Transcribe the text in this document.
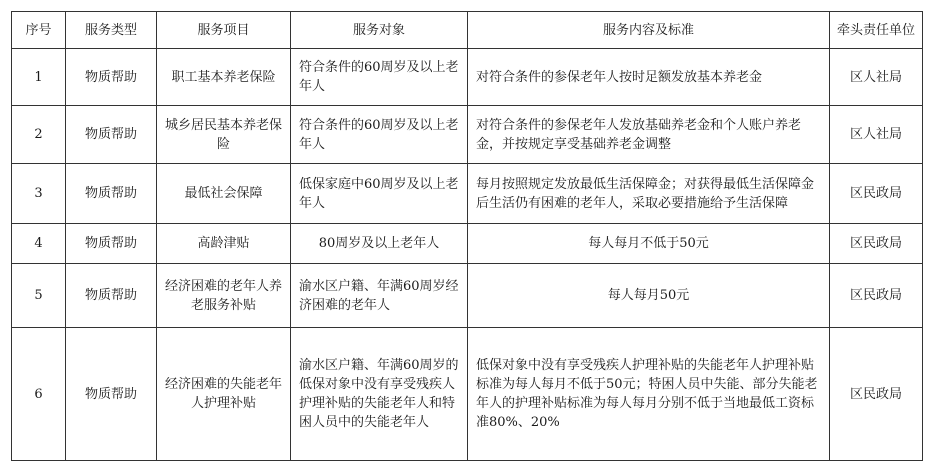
序号	服务类型	服务项目	服务对象	服务内容及标准	牵头责任单位
1	物质帮助	职工基本养老保险	符合条件的60周岁及以上老年人	对符合条件的参保老年人按时足额发放基本养老金	区人社局
2	物质帮助	城乡居民基本养老保险	符合条件的60周岁及以上老年人	对符合条件的参保老年人发放基础养老金和个人账户养老金，并按规定享受基础养老金调整	区人社局
3	物质帮助	最低社会保障	低保家庭中60周岁及以上老年人	每月按照规定发放最低生活保障金；对获得最低生活保障金后生活仍有困难的老年人，采取必要措施给予生活保障	区民政局
4	物质帮助	高龄津贴	80周岁及以上老年人	每人每月不低于50元	区民政局
5	物质帮助	经济困难的老年人养老服务补贴	渝水区户籍、年满60周岁经济困难的老年人	每人每月50元	区民政局
6	物质帮助	经济困难的失能老年人护理补贴	渝水区户籍、年满60周岁的低保对象中没有享受残疾人护理补贴的失能老年人和特困人员中的失能老年人	低保对象中没有享受残疾人护理补贴的失能老年人护理补贴标准为每人每月不低于50元；特困人员中失能、部分失能老年人的护理补贴标准为每人每月分别不低于当地最低工资标准80%、20%	区民政局
